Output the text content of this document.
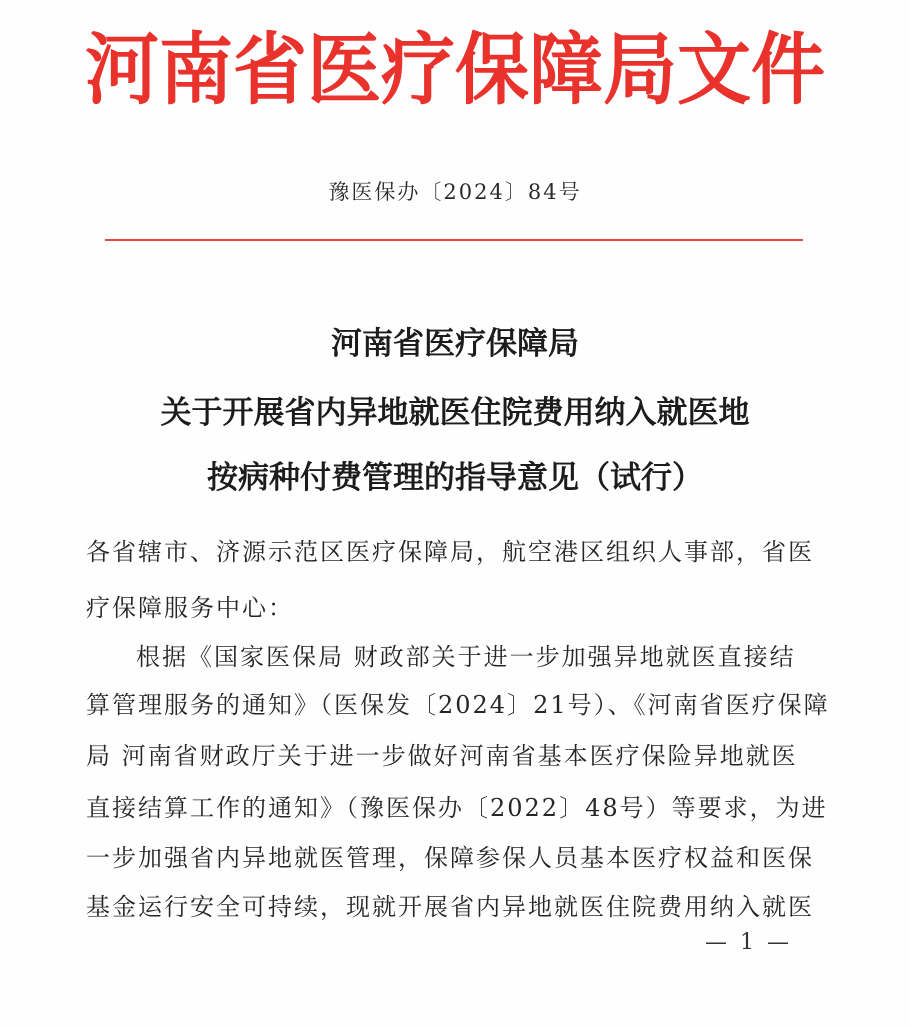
河南省医疗保障局文件
豫医保办〔2024〕84号
河南省医疗保障局
关于开展省内异地就医住院费用纳入就医地
按病种付费管理的指导意见（试行）
各省辖市、济源示范区医疗保障局，航空港区组织人事部，省医
疗保障服务中心：
根据《国家医保局 财政部关于进一步加强异地就医直接结
算管理服务的通知》（医保发〔2024〕21号）、《河南省医疗保障
局 河南省财政厅关于进一步做好河南省基本医疗保险异地就医
直接结算工作的通知》（豫医保办〔2022〕48号）等要求，为进
一步加强省内异地就医管理，保障参保人员基本医疗权益和医保
基金运行安全可持续，现就开展省内异地就医住院费用纳入就医
— 1 —
